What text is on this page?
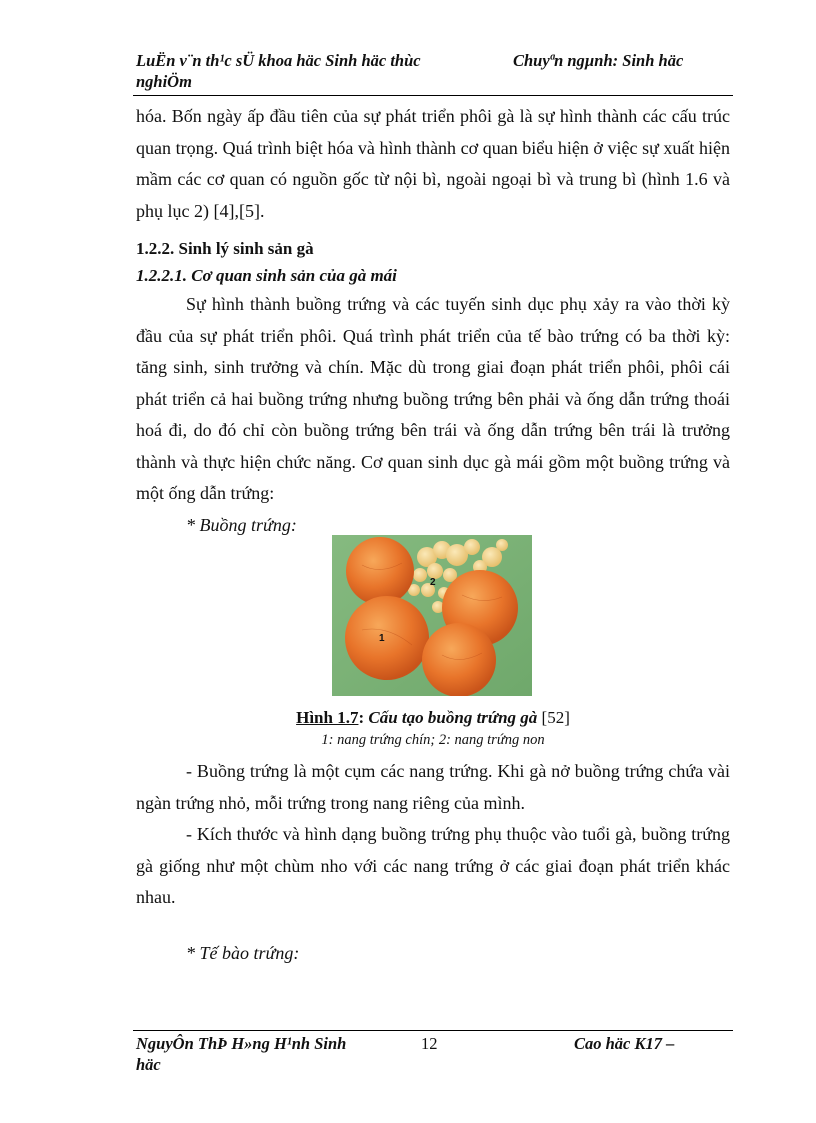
LuËn v¨n th¹c sÜ khoa häc Sinh häc thùc nghiÖm
Chuyªn ngµnh: Sinh häc

hóa. Bốn ngày ấp đầu tiên của sự phát triển phôi gà là sự hình thành các cấu trúc quan trọng. Quá trình biệt hóa và hình thành cơ quan biểu hiện ở việc sự xuất hiện mầm các cơ quan có nguồn gốc từ nội bì, ngoài ngoại bì và trung bì (hình 1.6 và phụ lục 2) [4],[5].

1.2.2. Sinh lý sinh sản gà

1.2.2.1. Cơ quan sinh sản của gà mái

Sự hình thành buồng trứng và các tuyến sinh dục phụ xảy ra vào thời kỳ đầu của sự phát triển phôi. Quá trình phát triển của tế bào trứng có ba thời kỳ: tăng sinh, sinh trưởng và chín. Mặc dù trong giai đoạn phát triển phôi, phôi cái phát triển cả hai buồng trứng nhưng buồng trứng bên phải và ống dẫn trứng thoái hoá đi, do đó chỉ còn buồng trứng bên trái và ống dẫn trứng bên trái là trưởng thành và thực hiện chức năng. Cơ quan sinh dục gà mái gồm một buồng trứng và một ống dẫn trứng:

* Buồng trứng:

1
2
Hình 1.7: Cấu tạo buồng trứng gà [52]
1: nang trứng chín; 2: nang trứng non

- Buồng trứng là một cụm các nang trứng. Khi gà nở buồng trứng chứa vài ngàn trứng nhỏ, mỗi trứng trong nang riêng của mình.

- Kích thước và hình dạng buồng trứng phụ thuộc vào tuổi gà, buồng trứng gà giống như một chùm nho với các nang trứng ở các giai đoạn phát triển khác nhau.

* Tế bào trứng:
NguyÔn ThÞ H»ng H¹nh Sinh häc
12	Cao häc K17 –
